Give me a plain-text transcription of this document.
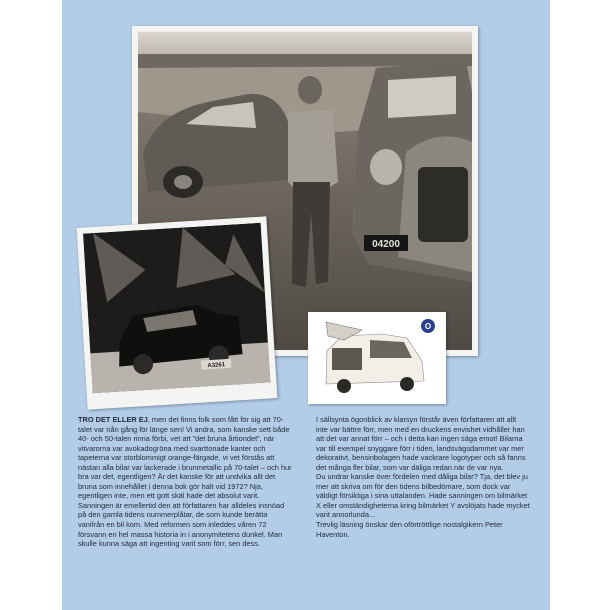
04200
A3261
O

TRO DET ELLER EJ, men det finns folk som fått för sig att 70-talet var nån gång för länge sen! Vi andra, som kanske sett både 40- och 50-talen rinna förbi, vet att ”det bruna årtiondet”, när vitvarorna var avokadogröna med svarttonade kanter och tapeterna var storblommigt orange-färgade, vi vet förstås att nästan alla bilar var lackerade i brunmetallic på 70-talet – och hur bra var det, egentligen? Är det kanske för att undvika allt det bruna som innehållet i denna bok gör halt vid 1972? Nja, egentligen inte, men ett gott skäl hade det absolut varit. Sanningen är emellertid den att författaren har alldeles insnöad på den gamla tidens nummerplåtar, de som kunde berätta vanifrån en bil kom. Med reformen som inleddes våren 72 försvann en hel massa historia in i anonymitetens dunkel. Man skulle kunna säga att ingenting varit som förr, sen dess.

I sällsynta ögonblick av klarsyn förstår även författaren att allt inte var bättre förr, men med en druckens envishet vidhåller han att det var annat förr – och i detta kan ingen säga emot! Bilarna var till exempel snyggare förr i tiden, landsvägsdammet var mer dekorativt, bensinbolagen hade vackrare logotyper och så fanns det många fler bilar, som var däliga redan när de var nya.

Du undrar kanske över fördelen med dåliga bilar? Tja, det blev ju mer att skriva om för den tidens bilbedömare, som dock var väldigt försiktiga i sina uttalanden. Hade sanningen om bilmärket X eller omständigheterna kring bilmärket Y avslöjats hade mycket varit annorlunda...

Trevlig läsning önskar den oförtröttlige nostalgikern Peter Haventon.
